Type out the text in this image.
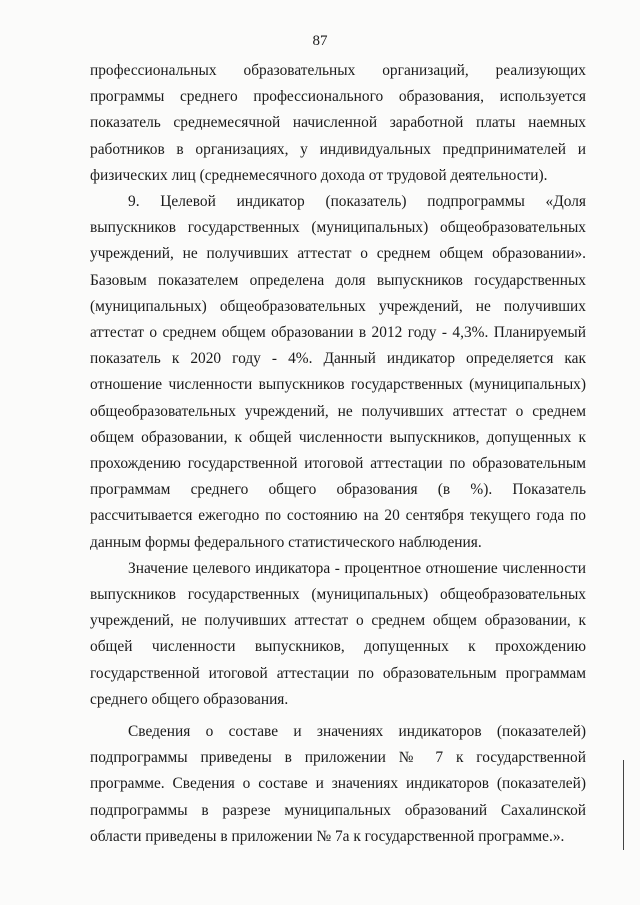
87

профессиональных образовательных организаций, реализующих программы среднего профессионального образования, используется показатель среднемесячной начисленной заработной платы наемных работников в организациях, у индивидуальных предпринимателей и физических лиц (среднемесячного дохода от трудовой деятельности).

9. Целевой индикатор (показатель) подпрограммы «Доля выпускников государственных (муниципальных) общеобразовательных учреждений, не получивших аттестат о среднем общем образовании». Базовым показателем определена доля выпускников государственных (муниципальных) общеобразовательных учреждений, не получивших аттестат о среднем общем образовании в 2012 году - 4,3%. Планируемый показатель к 2020 году - 4%. Данный индикатор определяется как отношение численности выпускников государственных (муниципальных) общеобразовательных учреждений, не получивших аттестат о среднем общем образовании, к общей численности выпускников, допущенных к прохождению государственной итоговой аттестации по образовательным программам среднего общего образования (в %). Показатель рассчитывается ежегодно по состоянию на 20 сентября текущего года по данным формы федерального статистического наблюдения.

Значение целевого индикатора - процентное отношение численности выпускников государственных (муниципальных) общеобразовательных учреждений, не получивших аттестат о среднем общем образовании, к общей численности выпускников, допущенных к прохождению государственной итоговой аттестации по образовательным программам среднего общего образования.

Сведения о составе и значениях индикаторов (показателей) подпрограммы приведены в приложении № 7 к государственной программе. Сведения о составе и значениях индикаторов (показателей) подпрограммы в разрезе муниципальных образований Сахалинской области приведены в приложении № 7а к государственной программе.».
